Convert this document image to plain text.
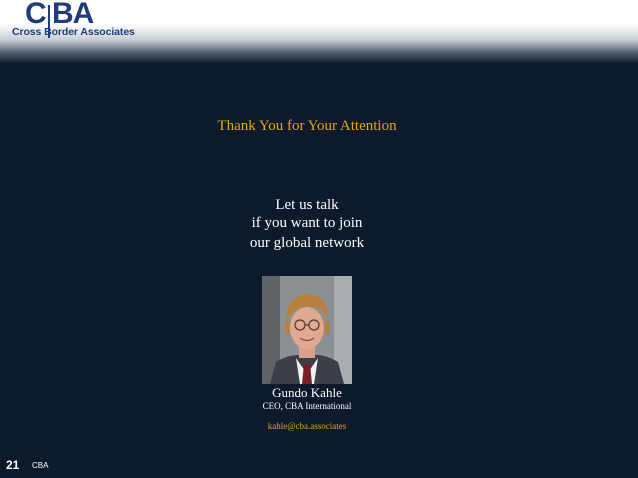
C BA
Cross Border Associates
Thank You for Your Attention
Let us talk
if you want to join
our global network
Gundo Kahle
CEO, CBA International
kahle@cba.associates
21 CBA
